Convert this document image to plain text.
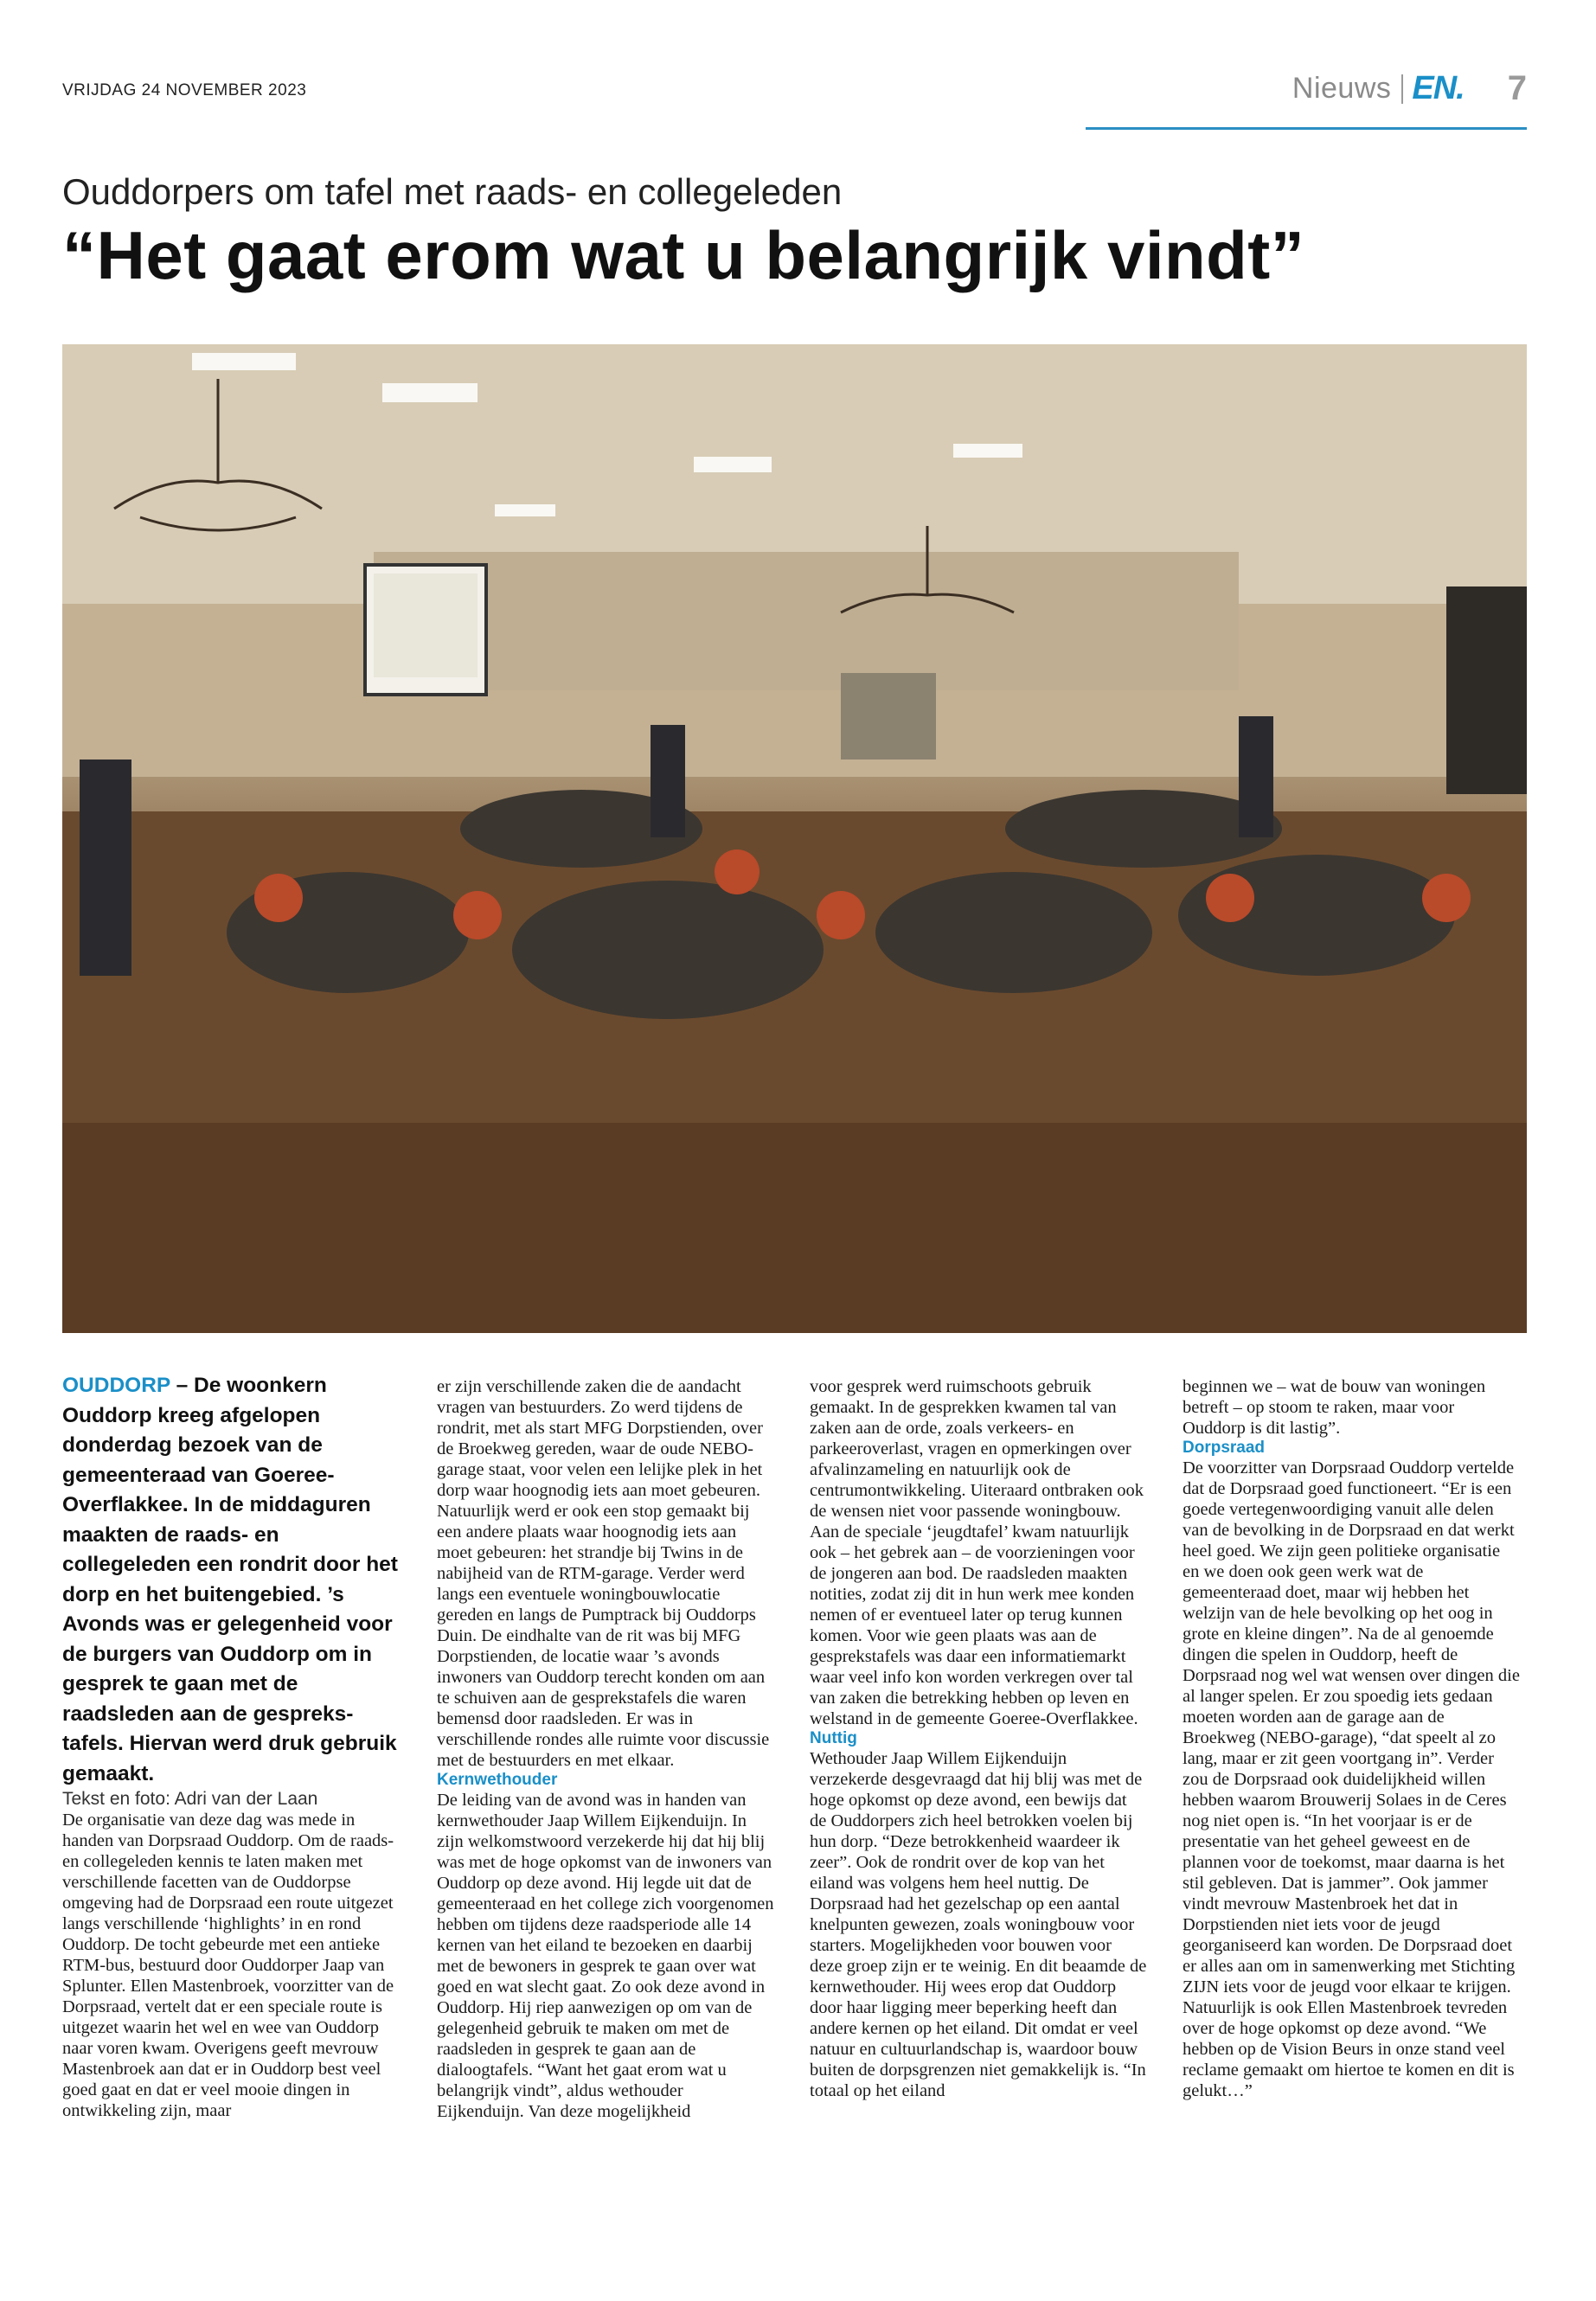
VRIJDAG 24 NOVEMBER 2023	Nieuws EN. 7
Ouddorpers om tafel met raads- en collegeleden
“Het gaat erom wat u belangrijk vindt”

OUDDORP – De woonkern Ouddorp kreeg afgelopen donderdag bezoek van de gemeenteraad van Goeree-Overflakkee. In de middaguren maakten de raads- en collegeleden een rondrit door het dorp en het buitengebied. ’s Avonds was er gelegenheid voor de burgers van Ouddorp om in gesprek te gaan met de raadsleden aan de gesprekstafels. Hiervan werd druk gebruik gemaakt.

Tekst en foto: Adri van der Laan

De organisatie van deze dag was mede in handen van Dorpsraad Ouddorp. Om de raads- en collegeleden kennis te laten maken met verschillende facetten van de Ouddorpse omgeving had de Dorpsraad een route uitgezet langs verschillende ‘highlights’ in en rond Ouddorp. De tocht gebeurde met een antieke RTM-bus, bestuurd door Ouddorper Jaap van Splunter. Ellen Mastenbroek, voorzitter van de Dorpsraad, vertelt dat er een speciale route is uitgezet waarin het wel en wee van Ouddorp naar voren kwam. Overigens geeft mevrouw Mastenbroek aan dat er in Ouddorp best veel goed gaat en dat er veel mooie dingen in ontwikkeling zijn, maar

er zijn verschillende zaken die de aandacht vragen van bestuurders. Zo werd tijdens de rondrit, met als start MFG Dorpstienden, over de Broekweg gereden, waar de oude NEBO-garage staat, voor velen een lelijke plek in het dorp waar hoognodig iets aan moet gebeuren. Natuurlijk werd er ook een stop gemaakt bij een andere plaats waar hoognodig iets aan moet gebeuren: het strandje bij Twins in de nabijheid van de RTM-garage. Verder werd langs een eventuele woningbouwlocatie gereden en langs de Pumptrack bij Ouddorps Duin. De eindhalte van de rit was bij MFG Dorpstienden, de locatie waar ’s avonds inwoners van Ouddorp terecht konden om aan te schuiven aan de gesprekstafels die waren bemensd door raadsleden. Er was in verschillende rondes alle ruimte voor discussie met de bestuurders en met elkaar.

Kernwethouder

De leiding van de avond was in handen van kernwethouder Jaap Willem Eijkenduijn. In zijn welkomstwoord verzekerde hij dat hij blij was met de hoge opkomst van de inwoners van Ouddorp op deze avond. Hij legde uit dat de gemeenteraad en het college zich voorgenomen hebben om tijdens deze raadsperiode alle 14 kernen van het eiland te bezoeken en daarbij met de bewoners in gesprek te gaan over wat goed en wat slecht gaat. Zo ook deze avond in Ouddorp. Hij riep aanwezigen op om van de gelegenheid gebruik te maken om met de raadsleden in gesprek te gaan aan de dialoogtafels. “Want het gaat erom wat u belangrijk vindt”, aldus wethouder Eijkenduijn. Van deze mogelijkheid

voor gesprek werd ruimschoots gebruik gemaakt. In de gesprekken kwamen tal van zaken aan de orde, zoals verkeers- en parkeeroverlast, vragen en opmerkingen over afvalinzameling en natuurlijk ook de centrumontwikkeling. Uiteraard ontbraken ook de wensen niet voor passende woningbouw. Aan de speciale ‘jeugdtafel’ kwam natuurlijk ook – het gebrek aan – de voorzieningen voor de jongeren aan bod. De raadsleden maakten notities, zodat zij dit in hun werk mee konden nemen of er eventueel later op terug kunnen komen. Voor wie geen plaats was aan de gesprekstafels was daar een informatiemarkt waar veel info kon worden verkregen over tal van zaken die betrekking hebben op leven en welstand in de gemeente Goeree-Overflakkee.

Nuttig

Wethouder Jaap Willem Eijkenduijn verzekerde desgevraagd dat hij blij was met de hoge opkomst op deze avond, een bewijs dat de Ouddorpers zich heel betrokken voelen bij hun dorp. “Deze betrokkenheid waardeer ik zeer”. Ook de rondrit over de kop van het eiland was volgens hem heel nuttig. De Dorpsraad had het gezelschap op een aantal knelpunten gewezen, zoals woningbouw voor starters. Mogelijkheden voor bouwen voor deze groep zijn er te weinig. En dit beaamde de kernwethouder. Hij wees erop dat Ouddorp door haar ligging meer beperking heeft dan andere kernen op het eiland. Dit omdat er veel natuur en cultuurlandschap is, waardoor bouw buiten de dorpsgrenzen niet gemakkelijk is. “In totaal op het eiland

beginnen we – wat de bouw van woningen betreft – op stoom te raken, maar voor Ouddorp is dit lastig”.

Dorpsraad

De voorzitter van Dorpsraad Ouddorp vertelde dat de Dorpsraad goed functioneert. “Er is een goede vertegenwoordiging vanuit alle delen van de bevolking in de Dorpsraad en dat werkt heel goed. We zijn geen politieke organisatie en we doen ook geen werk wat de gemeenteraad doet, maar wij hebben het welzijn van de hele bevolking op het oog in grote en kleine dingen”. Na de al genoemde dingen die spelen in Ouddorp, heeft de Dorpsraad nog wel wat wensen over dingen die al langer spelen. Er zou spoedig iets gedaan moeten worden aan de garage aan de Broekweg (NEBO-garage), “dat speelt al zo lang, maar er zit geen voortgang in”. Verder zou de Dorpsraad ook duidelijkheid willen hebben waarom Brouwerij Solaes in de Ceres nog niet open is. “In het voorjaar is er de presentatie van het geheel geweest en de plannen voor de toekomst, maar daarna is het stil gebleven. Dat is jammer”. Ook jammer vindt mevrouw Mastenbroek het dat in Dorpstienden niet iets voor de jeugd georganiseerd kan worden. De Dorpsraad doet er alles aan om in samenwerking met Stichting ZIJN iets voor de jeugd voor elkaar te krijgen.

Natuurlijk is ook Ellen Mastenbroek tevreden over de hoge opkomst op deze avond. “We hebben op de Vision Beurs in onze stand veel reclame gemaakt om hiertoe te komen en dit is gelukt…”
